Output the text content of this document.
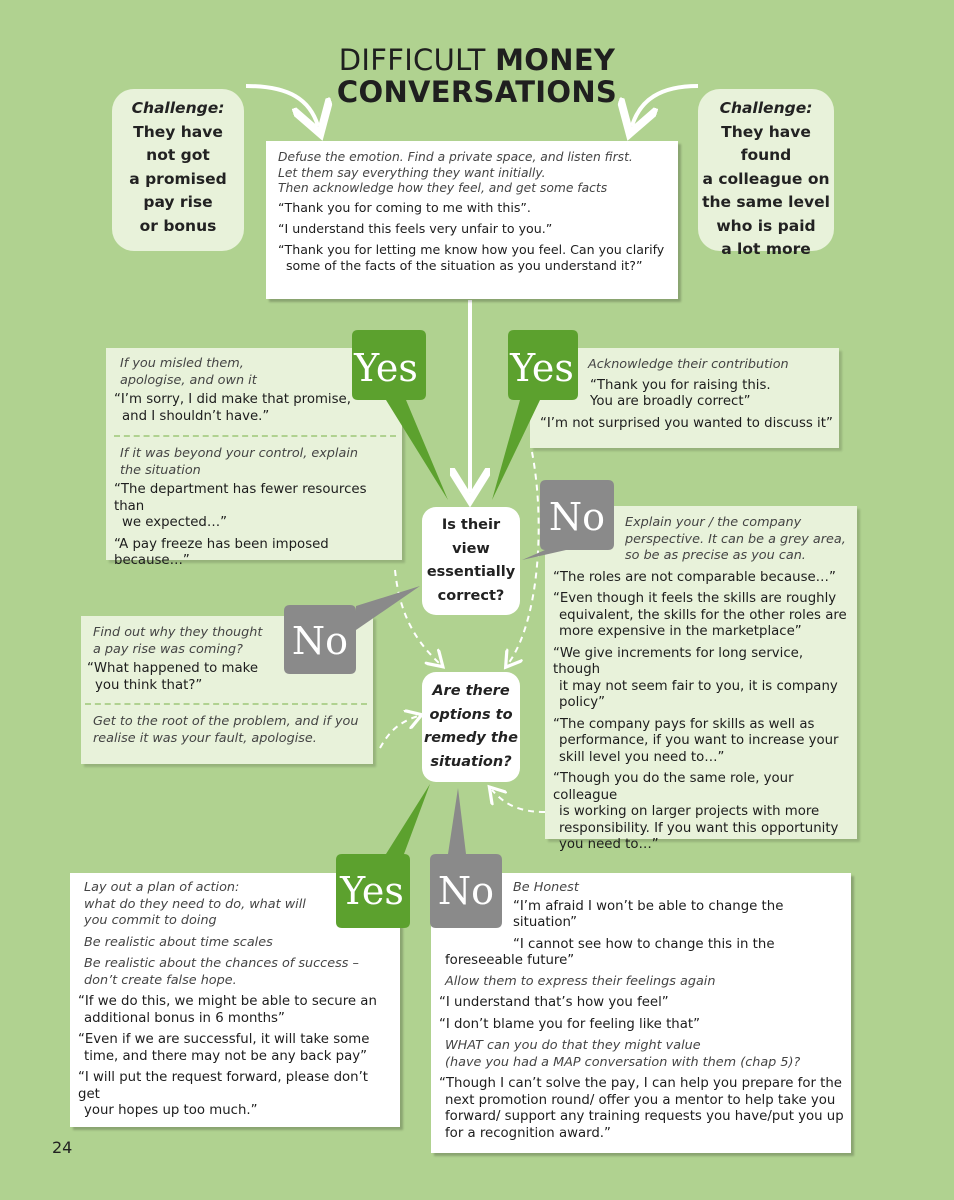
DIFFICULT MONEY
CONVERSATIONS
Challenge:
They have
not got
a promised
pay rise
or bonus
Challenge:
They have found
a colleague on
the same level
who is paid
a lot more
Defuse the emotion. Find a private space, and listen first.
Let them say everything they want initially.
Then acknowledge how they feel, and get some facts
“Thank you for coming to me with this”.
“I understand this feels very unfair to you.”
“Thank you for letting me know how you feel. Can you clarify
some of the facts of the situation as you understand it?”
If you misled them,
apologise, and own it
“I’m sorry, I did make that promise,
and I shouldn’t have.”
If it was beyond your control, explain
the situation
“The department has fewer resources than
we expected…”
“A pay freeze has been imposed because…”
Acknowledge their contribution
“Thank you for raising this.
You are broadly correct”
“I’m not surprised you wanted to discuss it”
Explain your / the company
perspective. It can be a grey area,
so be as precise as you can.
“The roles are not comparable because…”
“Even though it feels the skills are roughly
equivalent, the skills for the other roles are
more expensive in the marketplace”
“We give increments for long service, though
it may not seem fair to you, it is company
policy”
“The company pays for skills as well as
performance, if you want to increase your
skill level you need to…”
“Though you do the same role, your colleague
is working on larger projects with more
responsibility. If you want this opportunity
you need to…”
Find out why they thought
a pay rise was coming?
“What happened to make
you think that?”
Get to the root of the problem, and if you
realise it was your fault, apologise.
Lay out a plan of action:
what do they need to do, what will
you commit to doing
Be realistic about time scales
Be realistic about the chances of success –
don’t create false hope.
“If we do this, we might be able to secure an
additional bonus in 6 months”
“Even if we are successful, it will take some
time, and there may not be any back pay”
“I will put the request forward, please don’t get
your hopes up too much.”
Be Honest
“I’m afraid I won’t be able to change the situation”
“I cannot see how to change this in the
foreseeable future”
Allow them to express their feelings again
“I understand that’s how you feel”
“I don’t blame you for feeling like that”
WHAT can you do that they might value
(have you had a MAP conversation with them (chap 5)?
“Though I can’t solve the pay, I can help you prepare for the
next promotion round/ offer you a mentor to help take you
forward/ support any training requests you have/put you up
for a recognition award.”
Is their
view
essentially
correct?
Are there
options to
remedy the
situation?
Yes Yes
No
No
Yes No
24
